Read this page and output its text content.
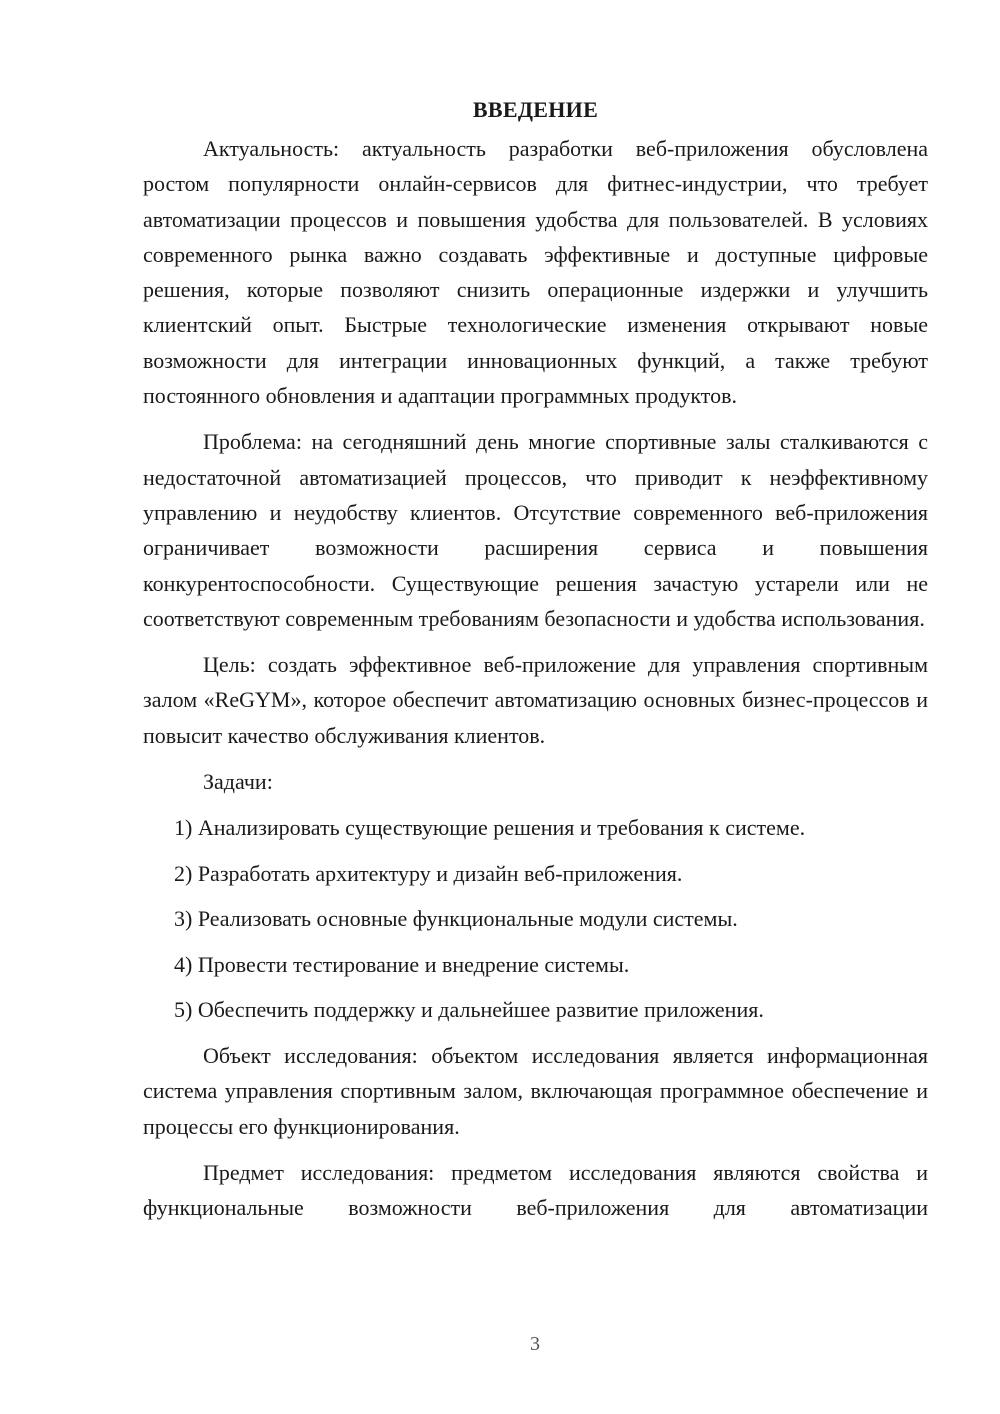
ВВЕДЕНИЕ

Актуальность: актуальность разработки веб-приложения обусловлена ростом популярности онлайн-сервисов для фитнес-индустрии, что требует автоматизации процессов и повышения удобства для пользователей. В условиях современного рынка важно создавать эффективные и доступные цифровые решения, которые позволяют снизить операционные издержки и улучшить клиентский опыт. Быстрые технологические изменения открывают новые возможности для интеграции инновационных функций, а также требуют постоянного обновления и адаптации программных продуктов.

Проблема: на сегодняшний день многие спортивные залы сталкиваются с недостаточной автоматизацией процессов, что приводит к неэффективному управлению и неудобству клиентов. Отсутствие современного веб-приложения ограничивает возможности расширения сервиса и повышения конкурентоспособности. Существующие решения зачастую устарели или не соответствуют современным требованиям безопасности и удобства использования.

Цель: создать эффективное веб-приложение для управления спортивным залом «ReGYM», которое обеспечит автоматизацию основных бизнес-процессов и повысит качество обслуживания клиентов.

Задачи:
1) Анализировать существующие решения и требования к системе.
2) Разработать архитектуру и дизайн веб-приложения.
3) Реализовать основные функциональные модули системы.
4) Провести тестирование и внедрение системы.
5) Обеспечить поддержку и дальнейшее развитие приложения.

Объект исследования: объектом исследования является информационная система управления спортивным залом, включающая программное обеспечение и процессы его функционирования.

Предмет исследования: предметом исследования являются свойства и функциональные возможности веб-приложения для автоматизации

3
